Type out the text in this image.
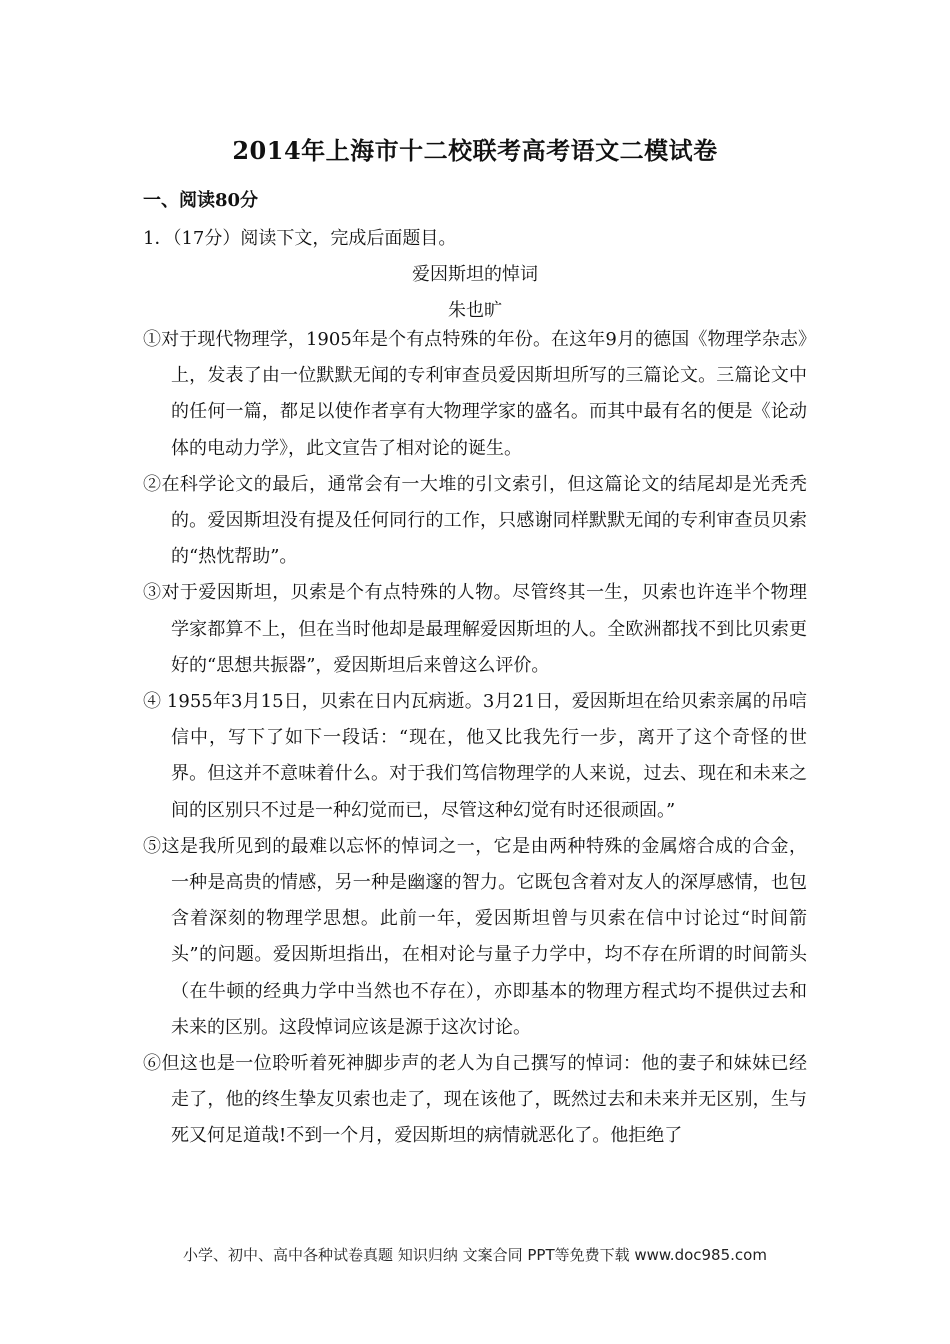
2014年上海市十二校联考高考语文二模试卷
一、阅读80分
1．（17分）阅读下文，完成后面题目。
爱因斯坦的悼词
朱也旷

①对于现代物理学，1905年是个有点特殊的年份。在这年9月的德国《物理学杂志》上，发表了由一位默默无闻的专利审查员爱因斯坦所写的三篇论文。三篇论文中的任何一篇，都足以使作者享有大物理学家的盛名。而其中最有名的便是《论动体的电动力学》，此文宣告了相对论的诞生。

②在科学论文的最后，通常会有一大堆的引文索引，但这篇论文的结尾却是光秃秃的。爱因斯坦没有提及任何同行的工作，只感谢同样默默无闻的专利审查员贝索的“热忱帮助”。

③对于爱因斯坦，贝索是个有点特殊的人物。尽管终其一生，贝索也许连半个物理学家都算不上，但在当时他却是最理解爱因斯坦的人。全欧洲都找不到比贝索更好的“思想共振器”，爱因斯坦后来曾这么评价。

④ 1955年3月15日，贝索在日内瓦病逝。3月21日，爱因斯坦在给贝索亲属的吊唁信中，写下了如下一段话：“现在，他又比我先行一步，离开了这个奇怪的世界。但这并不意味着什么。对于我们笃信物理学的人来说，过去、现在和未来之间的区别只不过是一种幻觉而已，尽管这种幻觉有时还很顽固。”

⑤这是我所见到的最难以忘怀的悼词之一，它是由两种特殊的金属熔合成的合金，一种是高贵的情感，另一种是幽邃的智力。它既包含着对友人的深厚感情，也包含着深刻的物理学思想。此前一年，爱因斯坦曾与贝索在信中讨论过“时间箭头”的问题。爱因斯坦指出，在相对论与量子力学中，均不存在所谓的时间箭头（在牛顿的经典力学中当然也不存在），亦即基本的物理方程式均不提供过去和未来的区别。这段悼词应该是源于这次讨论。

⑥但这也是一位聆听着死神脚步声的老人为自己撰写的悼词：他的妻子和妹妹已经走了，他的终生挚友贝索也走了，现在该他了，既然过去和未来并无区别，生与死又何足道哉!不到一个月，爱因斯坦的病情就恶化了。他拒绝了

小学、初中、高中各种试卷真题 知识归纳 文案合同 PPT等免费下载 www.doc985.com
